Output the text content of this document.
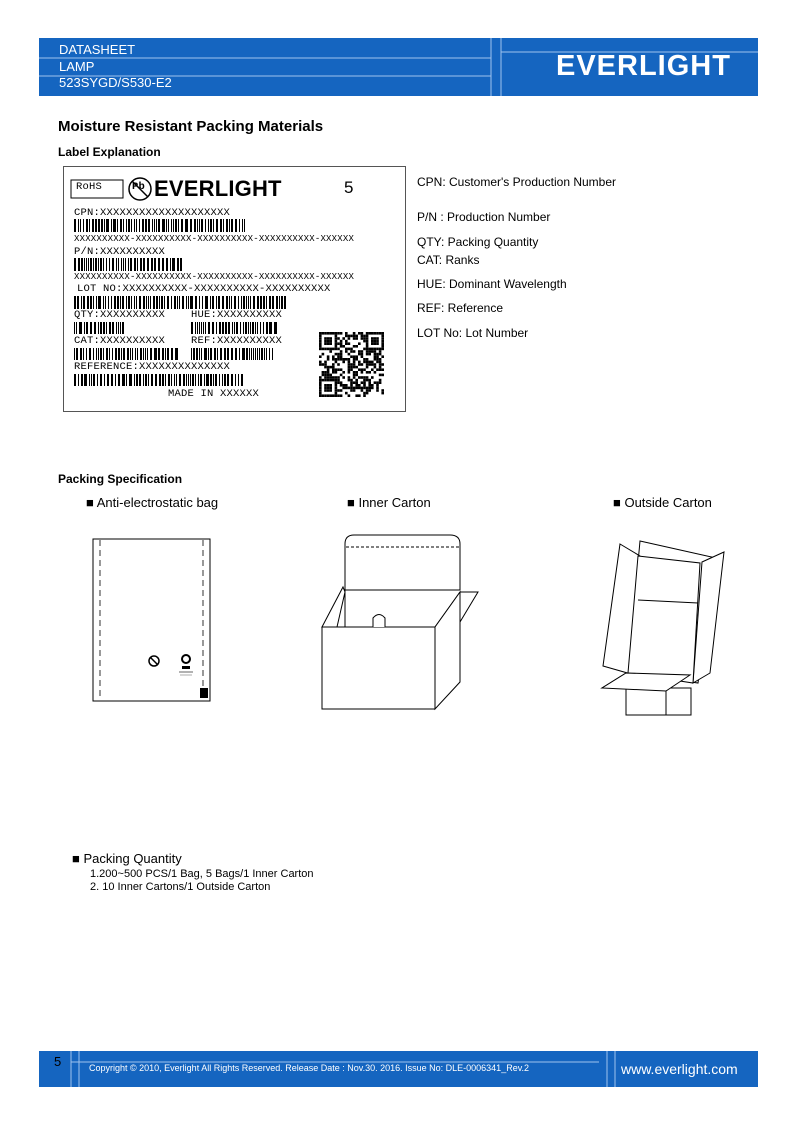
DATASHEET
LAMP
523SYGD/S530-E2
EVERLIGHT
Moisture Resistant Packing Materials
Label Explanation
RoHS	Pb EVERLIGHT	5
CPN:XXXXXXXXXXXXXXXXXXXX
XXXXXXXXXX-XXXXXXXXXX-XXXXXXXXXX-XXXXXXXXXX-XXXXXX
P/N:XXXXXXXXXX
XXXXXXXXXX-XXXXXXXXXX-XXXXXXXXXX-XXXXXXXXXX-XXXXXX
LOT NO:XXXXXXXXXX-XXXXXXXXXX-XXXXXXXXXX
QTY:XXXXXXXXXX HUE:XXXXXXXXXX
CAT:XXXXXXXXXX REF:XXXXXXXXXX
REFERENCE:XXXXXXXXXXXXXX
MADE IN XXXXXX
CPN: Customer's Production Number
P/N : Production Number
QTY: Packing Quantity
CAT: Ranks
HUE: Dominant Wavelength
REF: Reference
LOT No: Lot Number
Packing Specification
■ Anti-electrostatic bag	■ Inner Carton	■ Outside Carton
■ Packing Quantity
1.200~500 PCS/1 Bag, 5 Bags/1 Inner Carton
2. 10 Inner Cartons/1 Outside Carton
5	Copyright © 2010, Everlight All Rights Reserved. Release Date : Nov.30. 2016. Issue No: DLE-0006341_Rev.2	www.everlight.com
